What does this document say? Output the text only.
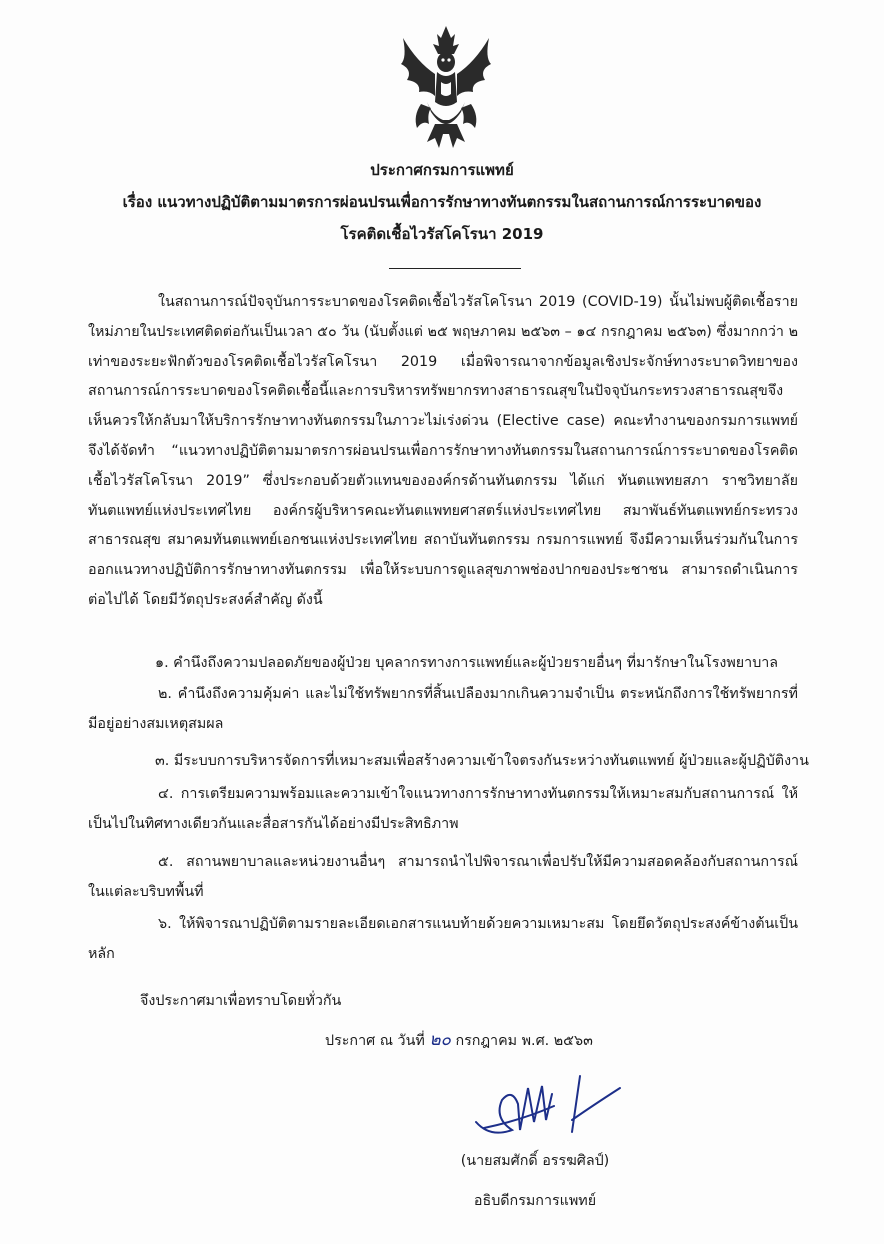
ประกาศกรมการแพทย์
เรื่อง แนวทางปฏิบัติตามมาตรการผ่อนปรนเพื่อการรักษาทางทันตกรรมในสถานการณ์การระบาดของ
โรคติดเชื้อไวรัสโคโรนา 2019

ในสถานการณ์ปัจจุบันการระบาดของโรคติดเชื้อไวรัสโคโรนา 2019 (COVID-19) นั้นไม่พบผู้ติดเชื้อรายใหม่ภายในประเทศติดต่อกันเป็นเวลา ๕๐ วัน (นับตั้งแต่ ๒๕ พฤษภาคม ๒๕๖๓ – ๑๔ กรกฎาคม ๒๕๖๓) ซึ่งมากกว่า ๒ เท่าของระยะฟักตัวของโรคติดเชื้อไวรัสโคโรนา 2019 เมื่อพิจารณาจากข้อมูลเชิงประจักษ์ทางระบาดวิทยาของสถานการณ์การระบาดของโรคติดเชื้อนี้และการบริหารทรัพยากรทางสาธารณสุขในปัจจุบันกระทรวงสาธารณสุขจึงเห็นควรให้กลับมาให้บริการรักษาทางทันตกรรมในภาวะไม่เร่งด่วน (Elective case) คณะทำงานของกรมการแพทย์จึงได้จัดทำ “แนวทางปฏิบัติตามมาตรการผ่อนปรนเพื่อการรักษาทางทันตกรรมในสถานการณ์การระบาดของโรคติดเชื้อไวรัสโคโรนา 2019” ซึ่งประกอบด้วยตัวแทนขององค์กรด้านทันตกรรม ได้แก่ ทันตแพทยสภา ราชวิทยาลัยทันตแพทย์แห่งประเทศไทย องค์กรผู้บริหารคณะทันตแพทยศาสตร์แห่งประเทศไทย สมาพันธ์ทันตแพทย์กระทรวงสาธารณสุข สมาคมทันตแพทย์เอกชนแห่งประเทศไทย สถาบันทันตกรรม กรมการแพทย์ จึงมีความเห็นร่วมกันในการออกแนวทางปฏิบัติการรักษาทางทันตกรรม เพื่อให้ระบบการดูแลสุขภาพช่องปากของประชาชน สามารถดำเนินการต่อไปได้ โดยมีวัตถุประสงค์สำคัญ ดังนี้

๑. คำนึงถึงความปลอดภัยของผู้ป่วย บุคลากรทางการแพทย์และผู้ป่วยรายอื่นๆ ที่มารักษาในโรงพยาบาล

๒. คำนึงถึงความคุ้มค่า และไม่ใช้ทรัพยากรที่สิ้นเปลืองมากเกินความจำเป็น ตระหนักถึงการใช้ทรัพยากรที่มีอยู่อย่างสมเหตุสมผล

๓. มีระบบการบริหารจัดการที่เหมาะสมเพื่อสร้างความเข้าใจตรงกันระหว่างทันตแพทย์ ผู้ป่วยและผู้ปฏิบัติงาน

๔. การเตรียมความพร้อมและความเข้าใจแนวทางการรักษาทางทันตกรรมให้เหมาะสมกับสถานการณ์ ให้เป็นไปในทิศทางเดียวกันและสื่อสารกันได้อย่างมีประสิทธิภาพ

๕. สถานพยาบาลและหน่วยงานอื่นๆ สามารถนำไปพิจารณาเพื่อปรับให้มีความสอดคล้องกับสถานการณ์ในแต่ละบริบทพื้นที่

๖. ให้พิจารณาปฏิบัติตามรายละเอียดเอกสารแนบท้ายด้วยความเหมาะสม โดยยึดวัตถุประสงค์ข้างต้นเป็นหลัก

จึงประกาศมาเพื่อทราบโดยทั่วกัน
ประกาศ ณ วันที่ ๒๐ กรกฎาคม พ.ศ. ๒๕๖๓
(นายสมศักดิ์ อรรฆศิลป์)
อธิบดีกรมการแพทย์
